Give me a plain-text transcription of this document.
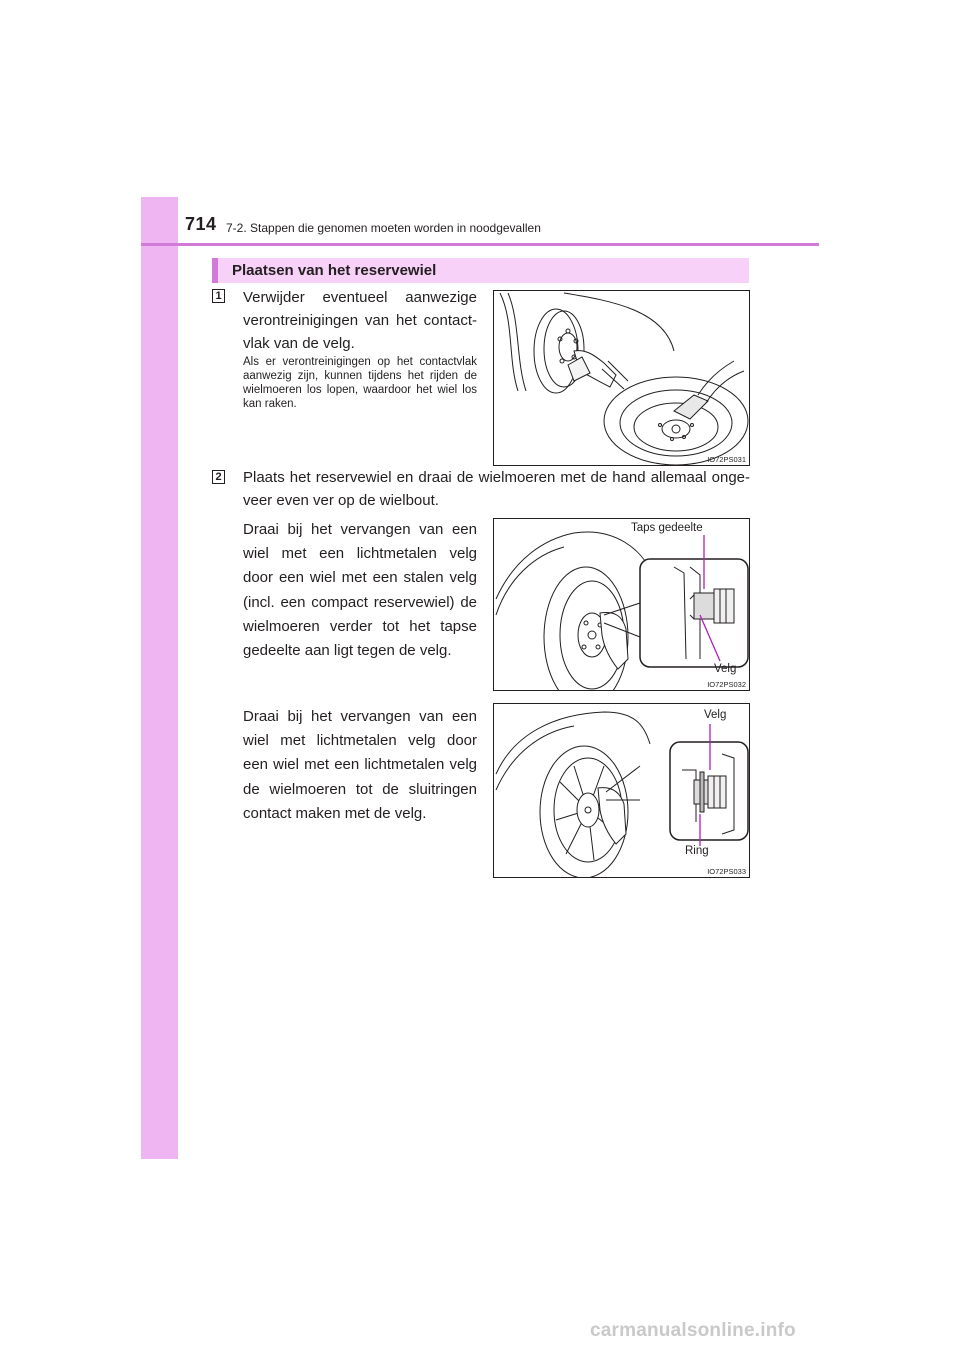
714 7-2. Stappen die genomen moeten worden in noodgevallen
Plaatsen van het reservewiel
1 Verwijder eventueel aanwezige verontreinigingen van het contactvlak van de velg.

Als er verontreinigingen op het contactvlak aanwezig zijn, kunnen tijdens het rijden de wielmoeren los lopen, waardoor het wiel los kan raken.

IO72PS031
2 Plaats het reservewiel en draai de wielmoeren met de hand allemaal ongeveer even ver op de wielbout.

Draai bij het vervangen van een wiel met een lichtmetalen velg door een wiel met een stalen velg (incl. een compact reservewiel) de wielmoeren verder tot het tapse gedeelte aan ligt tegen de velg.

Taps gedeelte
Velg
IO72PS032

Draai bij het vervangen van een wiel met lichtmetalen velg door een wiel met een lichtmetalen velg de wielmoeren tot de sluitringen contact maken met de velg.

Velg
Ring
IO72PS033
carmanualsonline.info
